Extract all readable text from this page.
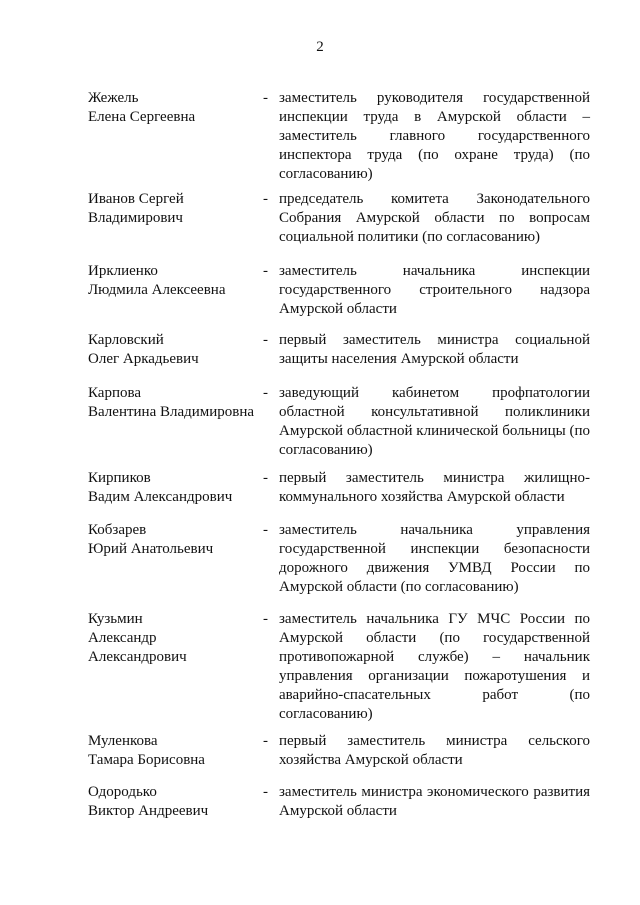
2
Жежель
Елена Сергеевна
- заместитель руководителя государственной инспекции труда в Амурской области – заместитель главного государственного инспектора труда (по охране труда) (по согласованию)
Иванов Сергей
Владимирович
- председатель комитета Законодательного Собрания Амурской области по вопросам социальной политики (по согласованию)
Ирклиенко
Людмила Алексеевна
- заместитель начальника инспекции государственного строительного надзора Амурской области
Карловский
Олег Аркадьевич
- первый заместитель министра социальной защиты населения Амурской области
Карпова
Валентина Владимировна
- заведующий кабинетом профпатологии областной консультативной поликлиники Амурской областной клинической больницы (по согласованию)
Кирпиков
Вадим Александрович
- первый заместитель министра жилищно-коммунального хозяйства Амурской области
Кобзарев
Юрий Анатольевич
- заместитель начальника управления государственной инспекции безопасности дорожного движения УМВД России по Амурской области (по согласованию)
Кузьмин
Александр
Александрович
- заместитель начальника ГУ МЧС России по Амурской области (по государственной противопожарной службе) – начальник управления организации пожаротушения и аварийно-спасательных работ (по согласованию)
Муленкова
Тамара Борисовна
- первый заместитель министра сельского хозяйства Амурской области
Одородько
Виктор Андреевич
- заместитель министра экономического развития Амурской области
